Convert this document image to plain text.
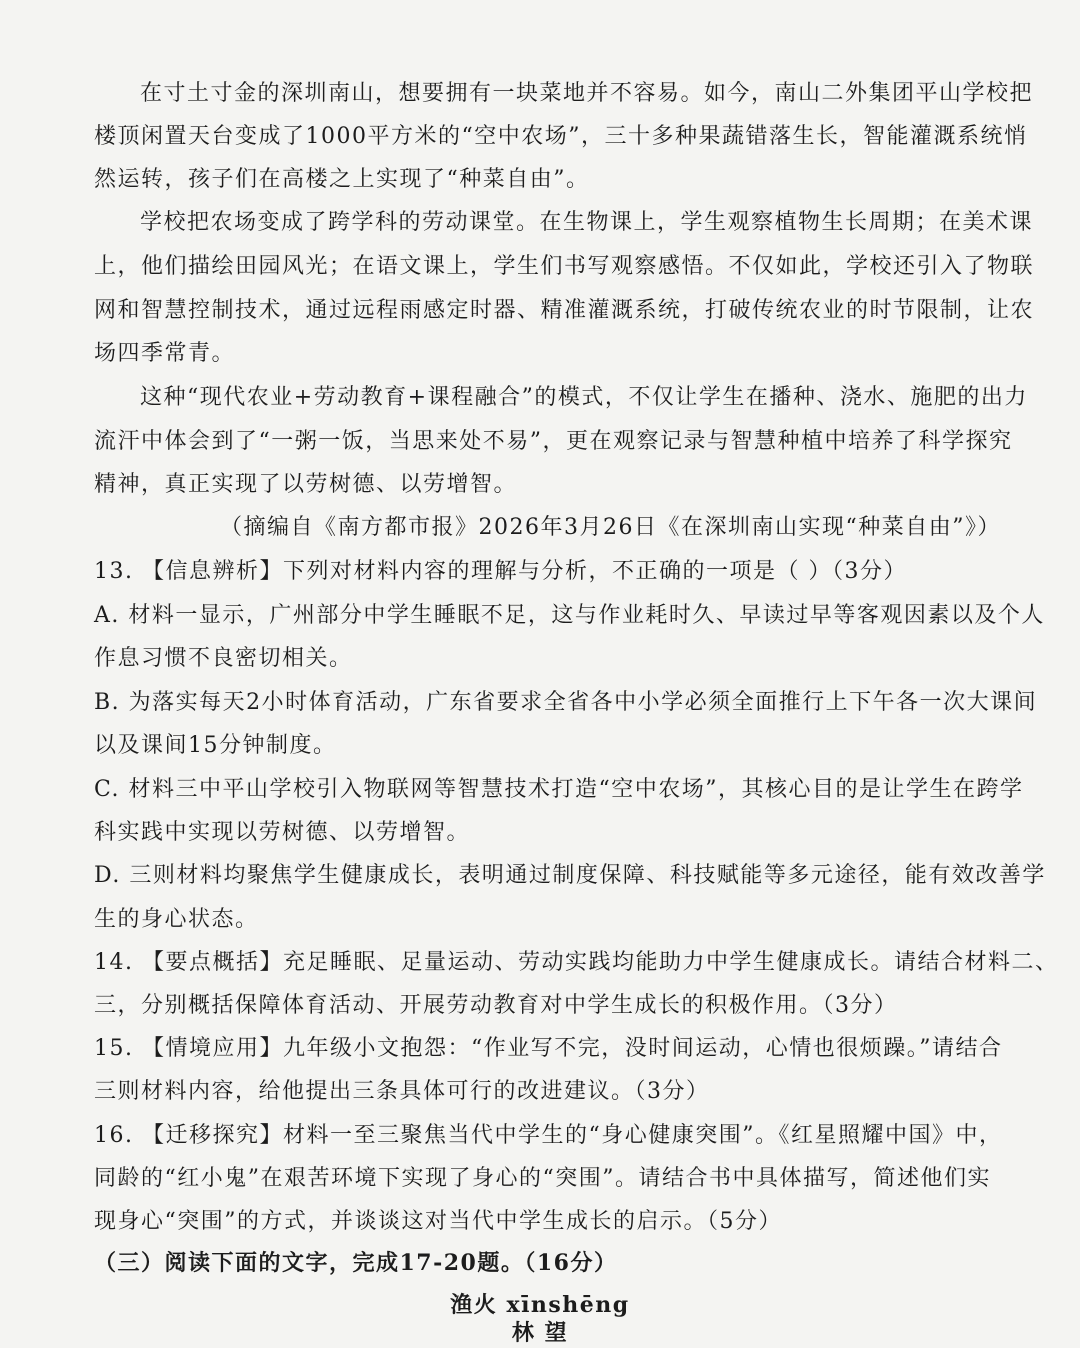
在寸土寸金的深圳南山，想要拥有一块菜地并不容易。如今，南山二外集团平山学校把
楼顶闲置天台变成了1000平方米的“空中农场”，三十多种果蔬错落生长，智能灌溉系统悄
然运转，孩子们在高楼之上实现了“种菜自由”。
学校把农场变成了跨学科的劳动课堂。在生物课上，学生观察植物生长周期；在美术课
上，他们描绘田园风光；在语文课上，学生们书写观察感悟。不仅如此，学校还引入了物联
网和智慧控制技术，通过远程雨感定时器、精准灌溉系统，打破传统农业的时节限制，让农
场四季常青。
这种“现代农业+劳动教育+课程融合”的模式，不仅让学生在播种、浇水、施肥的出力
流汗中体会到了“一粥一饭，当思来处不易”，更在观察记录与智慧种植中培养了科学探究
精神，真正实现了以劳树德、以劳增智。
（摘编自《南方都市报》2026年3月26日《在深圳南山实现“种菜自由”》）
13. 【信息辨析】下列对材料内容的理解与分析，不正确的一项是（ ）（3分）
A. 材料一显示，广州部分中学生睡眠不足，这与作业耗时久、早读过早等客观因素以及个人
作息习惯不良密切相关。
B. 为落实每天2小时体育活动，广东省要求全省各中小学必须全面推行上下午各一次大课间
以及课间15分钟制度。
C. 材料三中平山学校引入物联网等智慧技术打造“空中农场”，其核心目的是让学生在跨学
科实践中实现以劳树德、以劳增智。
D. 三则材料均聚焦学生健康成长，表明通过制度保障、科技赋能等多元途径，能有效改善学
生的身心状态。
14. 【要点概括】充足睡眠、足量运动、劳动实践均能助力中学生健康成长。请结合材料二、
三，分别概括保障体育活动、开展劳动教育对中学生成长的积极作用。（3分）
15. 【情境应用】九年级小文抱怨：“作业写不完，没时间运动，心情也很烦躁。”请结合
三则材料内容，给他提出三条具体可行的改进建议。（3分）
16. 【迁移探究】材料一至三聚焦当代中学生的“身心健康突围”。《红星照耀中国》中，
同龄的“红小鬼”在艰苦环境下实现了身心的“突围”。请结合书中具体描写，简述他们实
现身心“突围”的方式，并谈谈这对当代中学生成长的启示。（5分）
（三）阅读下面的文字，完成17-20题。（16分）
渔火 xīnshēng
林 望
